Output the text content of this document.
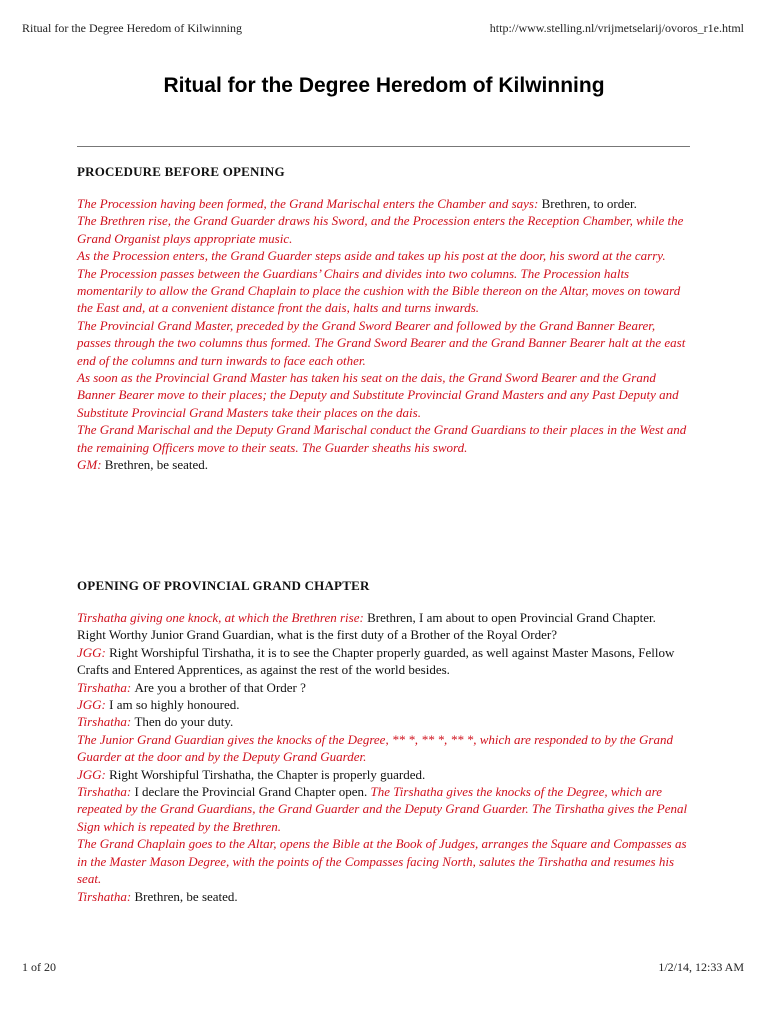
Ritual for the Degree Heredom of Kilwinning	http://www.stelling.nl/vrijmetselarij/ovoros_r1e.html
Ritual for the Degree Heredom of Kilwinning
PROCEDURE BEFORE OPENING

The Procession having been formed, the Grand Marischal enters the Chamber and says: Brethren, to order.

The Brethren rise, the Grand Guarder draws his Sword, and the Procession enters the Reception Chamber, while the Grand Organist plays appropriate music.

As the Procession enters, the Grand Guarder steps aside and takes up his post at the door, his sword at the carry.

The Procession passes between the Guardians’ Chairs and divides into two columns. The Procession halts momentarily to allow the Grand Chaplain to place the cushion with the Bible thereon on the Altar, moves on toward the East and, at a convenient distance front the dais, halts and turns inwards.

The Provincial Grand Master, preceded by the Grand Sword Bearer and followed by the Grand Banner Bearer, passes through the two columns thus formed. The Grand Sword Bearer and the Grand Banner Bearer halt at the east end of the columns and turn inwards to face each other.

As soon as the Provincial Grand Master has taken his seat on the dais, the Grand Sword Bearer and the Grand Banner Bearer move to their places; the Deputy and Substitute Provincial Grand Masters and any Past Deputy and Substitute Provincial Grand Masters take their places on the dais.

The Grand Marischal and the Deputy Grand Marischal conduct the Grand Guardians to their places in the West and the remaining Officers move to their seats. The Guarder sheaths his sword.

GM: Brethren, be seated.

OPENING OF PROVINCIAL GRAND CHAPTER

Tirshatha giving one knock, at which the Brethren rise: Brethren, I am about to open Provincial Grand Chapter.

Right Worthy Junior Grand Guardian, what is the first duty of a Brother of the Royal Order?

JGG: Right Worshipful Tirshatha, it is to see the Chapter properly guarded, as well against Master Masons, Fellow Crafts and Entered Apprentices, as against the rest of the world besides.

Tirshatha: Are you a brother of that Order ?

JGG: I am so highly honoured.

Tirshatha: Then do your duty.

The Junior Grand Guardian gives the knocks of the Degree, ** *, ** *, ** *, which are responded to by the Grand Guarder at the door and by the Deputy Grand Guarder.

JGG: Right Worshipful Tirshatha, the Chapter is properly guarded.

Tirshatha: I declare the Provincial Grand Chapter open. The Tirshatha gives the knocks of the Degree, which are repeated by the Grand Guardians, the Grand Guarder and the Deputy Grand Guarder. The Tirshatha gives the Penal Sign which is repeated by the Brethren.

The Grand Chaplain goes to the Altar, opens the Bible at the Book of Judges, arranges the Square and Compasses as in the Master Mason Degree, with the points of the Compasses facing North, salutes the Tirshatha and resumes his seat.

Tirshatha: Brethren, be seated.

1 of 20	1/2/14, 12:33 AM
